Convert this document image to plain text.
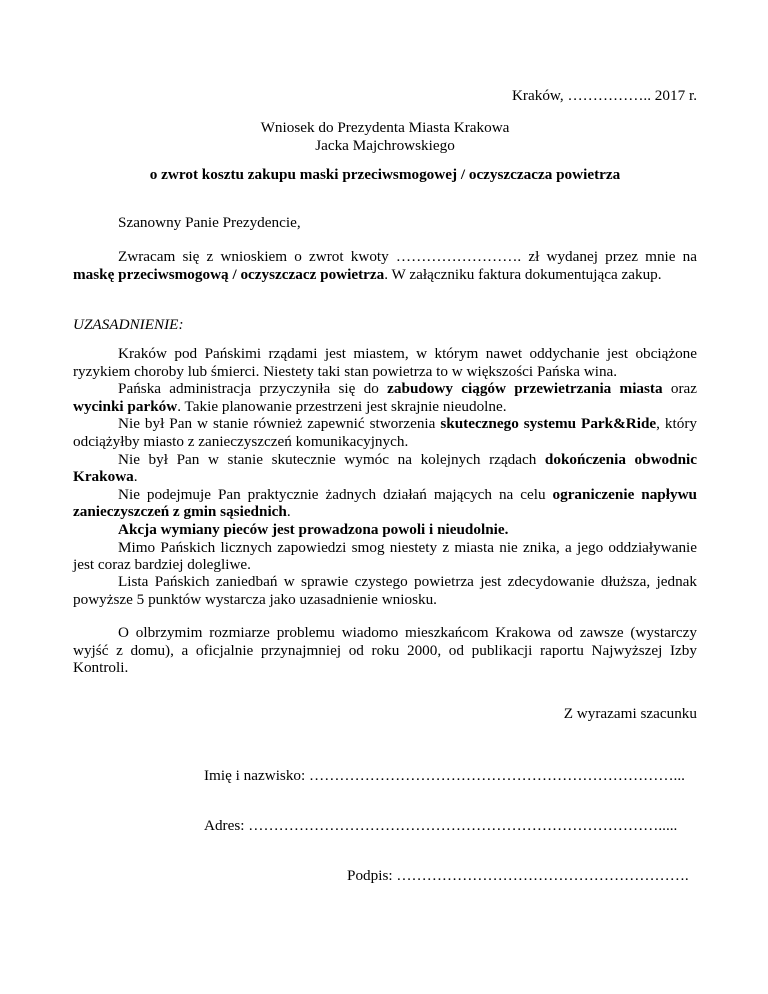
Kraków, …………….. 2017 r.
Wniosek do Prezydenta Miasta Krakowa
Jacka Majchrowskiego
o zwrot kosztu zakupu maski przeciwsmogowej / oczyszczacza powietrza
Szanowny Panie Prezydencie,

Zwracam się z wnioskiem o zwrot kwoty ……………………. zł wydanej przez mnie na maskę przeciwsmogową / oczyszczacz powietrza. W załączniku faktura dokumentująca zakup.

UZASADNIENIE:

Kraków pod Pańskimi rządami jest miastem, w którym nawet oddychanie jest obciążone ryzykiem choroby lub śmierci. Niestety taki stan powietrza to w większości Pańska wina.

Pańska administracja przyczyniła się do zabudowy ciągów przewietrzania miasta oraz wycinki parków. Takie planowanie przestrzeni jest skrajnie nieudolne.

Nie był Pan w stanie również zapewnić stworzenia skutecznego systemu Park&Ride, który odciążyłby miasto z zanieczyszczeń komunikacyjnych.

Nie był Pan w stanie skutecznie wymóc na kolejnych rządach dokończenia obwodnic Krakowa.

Nie podejmuje Pan praktycznie żadnych działań mających na celu ograniczenie napływu zanieczyszczeń z gmin sąsiednich.

Akcja wymiany pieców jest prowadzona powoli i nieudolnie.

Mimo Pańskich licznych zapowiedzi smog niestety z miasta nie znika, a jego oddziaływanie jest coraz bardziej dolegliwe.

Lista Pańskich zaniedbań w sprawie czystego powietrza jest zdecydowanie dłuższa, jednak powyższe 5 punktów wystarcza jako uzasadnienie wniosku.

O olbrzymim rozmiarze problemu wiadomo mieszkańcom Krakowa od zawsze (wystarczy wyjść z domu), a oficjalnie przynajmniej od roku 2000, od publikacji raportu Najwyższej Izby Kontroli.

Z wyrazami szacunku
Imię i nazwisko: ………………………………………………………………...
Adres: ……………………………………………………………………….....
Podpis: ………………………………………………….
